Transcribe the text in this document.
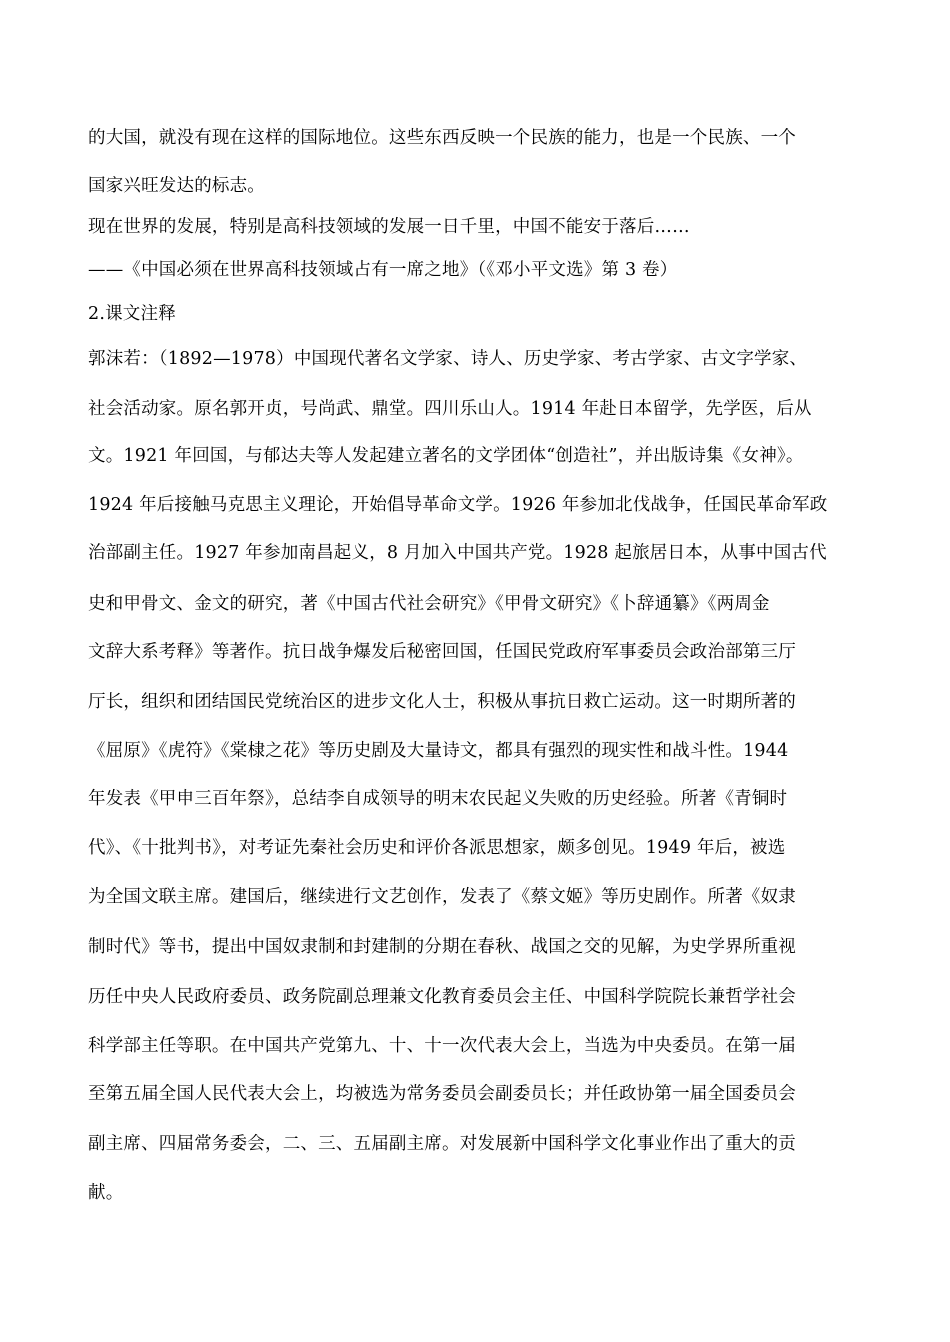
的大国，就没有现在这样的国际地位。这些东西反映一个民族的能力，也是一个民族、一个
国家兴旺发达的标志。
现在世界的发展，特别是高科技领域的发展一日千里，中国不能安于落后……
——《中国必须在世界高科技领域占有一席之地》（《邓小平文选》第 3 卷）
2.课文注释
郭沫若：（1892—1978）中国现代著名文学家、诗人、历史学家、考古学家、古文字学家、
社会活动家。原名郭开贞，号尚武、鼎堂。四川乐山人。1914 年赴日本留学，先学医，后从
文。1921 年回国，与郁达夫等人发起建立著名的文学团体“创造社”，并出版诗集《女神》。
1924 年后接触马克思主义理论，开始倡导革命文学。1926 年参加北伐战争，任国民革命军政
治部副主任。1927 年参加南昌起义，8 月加入中国共产党。1928 起旅居日本，从事中国古代
史和甲骨文、金文的研究，著《中国古代社会研究》《甲骨文研究》《卜辞通纂》《两周金
文辞大系考释》等著作。抗日战争爆发后秘密回国，任国民党政府军事委员会政治部第三厅
厅长，组织和团结国民党统治区的进步文化人士，积极从事抗日救亡运动。这一时期所著的
《屈原》《虎符》《棠棣之花》等历史剧及大量诗文，都具有强烈的现实性和战斗性。1944
年发表《甲申三百年祭》，总结李自成领导的明末农民起义失败的历史经验。所著《青铜时
代》、《十批判书》，对考证先秦社会历史和评价各派思想家，颇多创见。1949 年后，被选
为全国文联主席。建国后，继续进行文艺创作，发表了《蔡文姬》等历史剧作。所著《奴隶
制时代》等书，提出中国奴隶制和封建制的分期在春秋、战国之交的见解，为史学界所重视
历任中央人民政府委员、政务院副总理兼文化教育委员会主任、中国科学院院长兼哲学社会
科学部主任等职。在中国共产党第九、十、十一次代表大会上，当选为中央委员。在第一届
至第五届全国人民代表大会上，均被选为常务委员会副委员长；并任政协第一届全国委员会
副主席、四届常务委会，二、三、五届副主席。对发展新中国科学文化事业作出了重大的贡
献。
